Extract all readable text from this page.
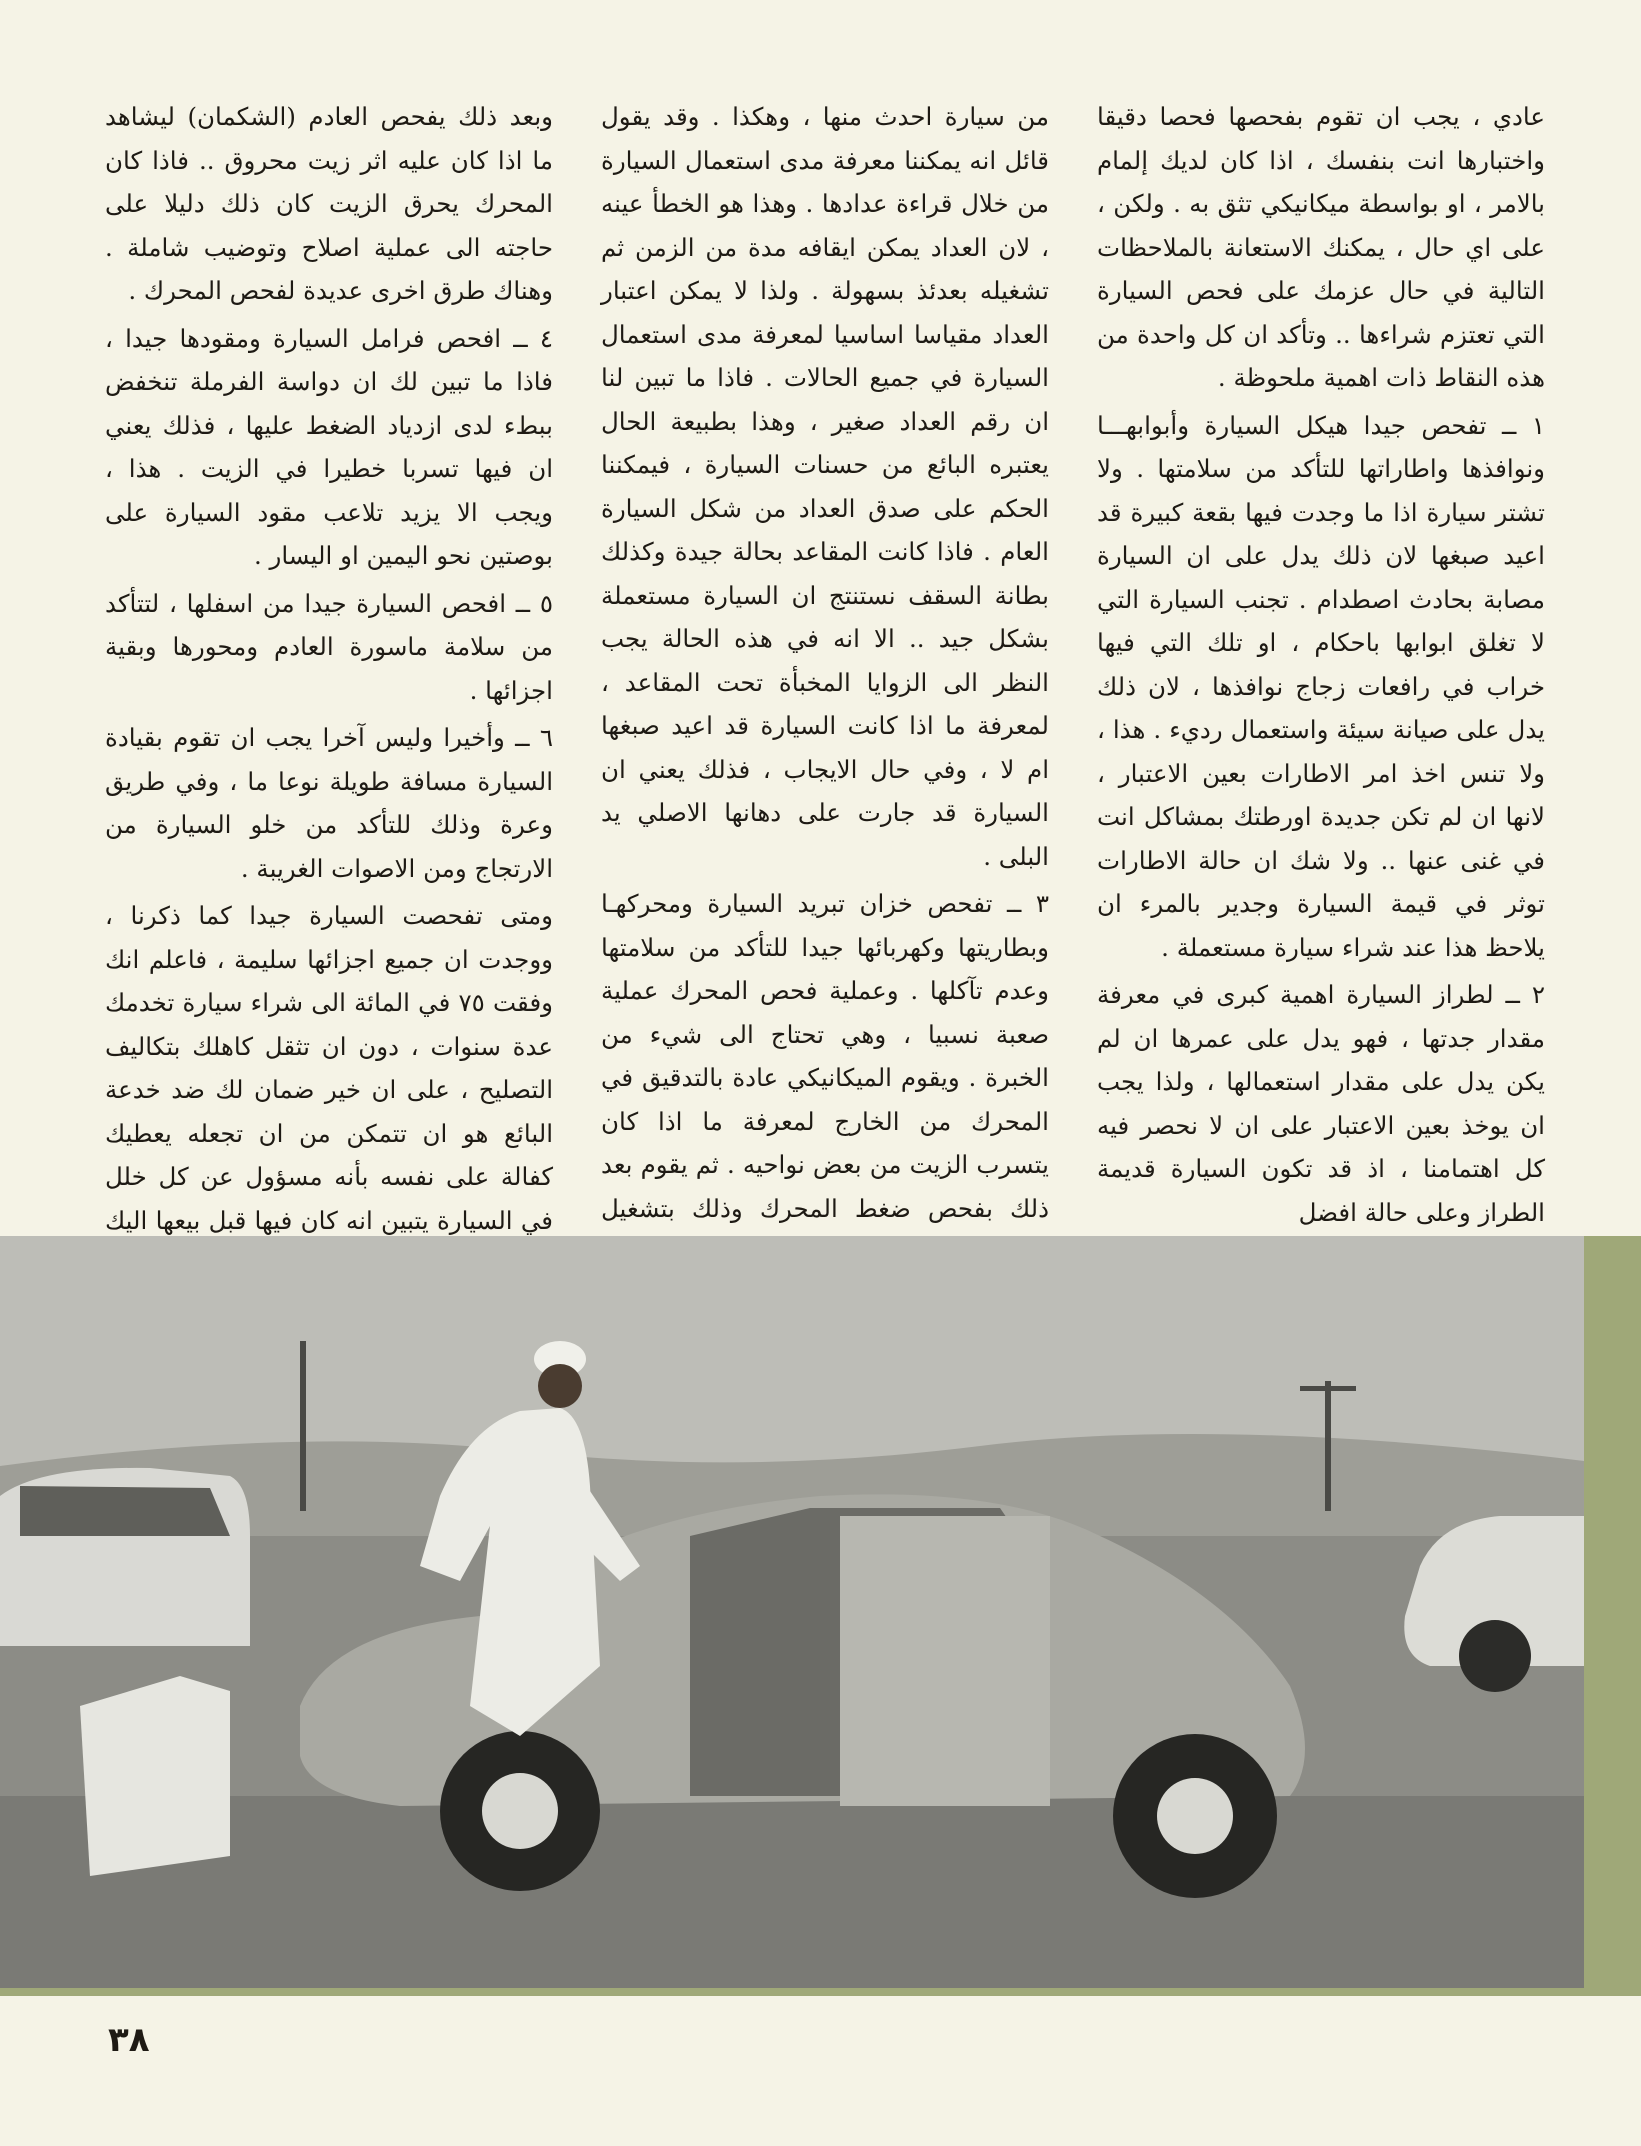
عادي ، يجب ان تقوم بفحصها فحصا دقيقا واختبارها انت بنفسك ، اذا كان لديك إلمام بالامر ، او بواسطة ميكانيكي تثق به . ولكن ، على اي حال ، يمكنك الاستعانة بالملاحظات التالية في حال عزمك على فحص السيارة التي تعتزم شراءها .. وتأكد ان كل واحدة من هذه النقاط ذات اهمية ملحوظة .

١ ــ تفحص جيدا هيكل السيارة وأبوابهـــا ونوافذها واطاراتها للتأكد من سلامتها . ولا تشتر سيارة اذا ما وجدت فيها بقعة كبيرة قد اعيد صبغها لان ذلك يدل على ان السيارة مصابة بحادث اصطدام . تجنب السيارة التي لا تغلق ابوابها باحكام ، او تلك التي فيها خراب في رافعات زجاج نوافذها ، لان ذلك يدل على صيانة سيئة واستعمال رديء . هذا ، ولا تنس اخذ امر الاطارات بعين الاعتبار ، لانها ان لم تكن جديدة اورطتك بمشاكل انت في غنى عنها .. ولا شك ان حالة الاطارات توثر في قيمة السيارة وجدير بالمرء ان يلاحظ هذا عند شراء سيارة مستعملة .

٢ ــ لطراز السيارة اهمية كبرى في معرفة مقدار جدتها ، فهو يدل على عمرها ان لم يكن يدل على مقدار استعمالها ، ولذا يجب ان يوخذ بعين الاعتبار على ان لا نحصر فيه كل اهتمامنا ، اذ قد تكون السيارة قديمة الطراز وعلى حالة افضل

من سيارة احدث منها ، وهكذا . وقد يقول قائل انه يمكننا معرفة مدى استعمال السيارة من خلال قراءة عدادها . وهذا هو الخطأ عينه ، لان العداد يمكن ايقافه مدة من الزمن ثم تشغيله بعدئذ بسهولة . ولذا لا يمكن اعتبار العداد مقياسا اساسيا لمعرفة مدى استعمال السيارة في جميع الحالات . فاذا ما تبين لنا ان رقم العداد صغير ، وهذا بطبيعة الحال يعتبره البائع من حسنات السيارة ، فيمكننا الحكم على صدق العداد من شكل السيارة العام . فاذا كانت المقاعد بحالة جيدة وكذلك بطانة السقف نستنتج ان السيارة مستعملة بشكل جيد .. الا انه في هذه الحالة يجب النظر الى الزوايا المخبأة تحت المقاعد ، لمعرفة ما اذا كانت السيارة قد اعيد صبغها ام لا ، وفي حال الايجاب ، فذلك يعني ان السيارة قد جارت على دهانها الاصلي يد البلى .

٣ ــ تفحص خزان تبريد السيارة ومحركهـا وبطاريتها وكهربائها جيدا للتأكد من سلامتها وعدم تآكلها . وعملية فحص المحرك عملية صعبة نسبيا ، وهي تحتاج الى شيء من الخبرة . ويقوم الميكانيكي عادة بالتدقيق في المحرك من الخارج لمعرفة ما اذا كان يتسرب الزيت من بعض نواحيه . ثم يقوم بعد ذلك بفحص ضغط المحرك وذلك بتشغيل

وبعد ذلك يفحص العادم (الشكمان) ليشاهد ما اذا كان عليه اثر زيت محروق .. فاذا كان المحرك يحرق الزيت كان ذلك دليلا على حاجته الى عملية اصلاح وتوضيب شاملة . وهناك طرق اخرى عديدة لفحص المحرك .

٤ ــ افحص فرامل السيارة ومقودها جيدا ، فاذا ما تبين لك ان دواسة الفرملة تنخفض ببطء لدى ازدياد الضغط عليها ، فذلك يعني ان فيها تسربا خطيرا في الزيت . هذا ، ويجب الا يزيد تلاعب مقود السيارة على بوصتين نحو اليمين او اليسار .

٥ ــ افحص السيارة جيدا من اسفلها ، لتتأكد من سلامة ماسورة العادم ومحورها وبقية اجزائها .

٦ ــ وأخيرا وليس آخرا يجب ان تقوم بقيادة السيارة مسافة طويلة نوعا ما ، وفي طريق وعرة وذلك للتأكد من خلو السيارة من الارتجاج ومن الاصوات الغريبة .

ومتى تفحصت السيارة جيدا كما ذكرنا ، ووجدت ان جميع اجزائها سليمة ، فاعلم انك وفقت ٧٥ في المائة الى شراء سيارة تخدمك عدة سنوات ، دون ان تثقل كاهلك بتكاليف التصليح ، على ان خير ضمان لك ضد خدعة البائع هو ان تتمكن من ان تجعله يعطيك كفالة على نفسه بأنه مسؤول عن كل خلل في السيارة يتبين انه كان فيها قبل بيعها اليك

٣٨
